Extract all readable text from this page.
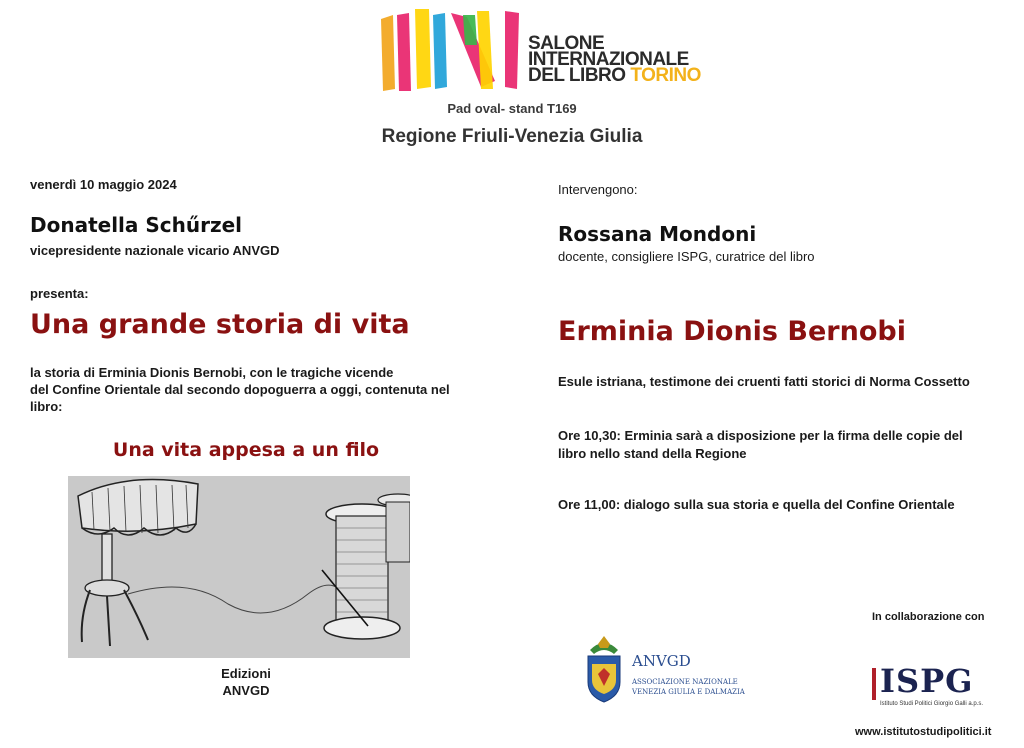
SALONE
INTERNAZIONALE
DEL LIBRO TORINO
Pad oval- stand T169
Regione Friuli-Venezia Giulia
venerdì 10 maggio 2024
Donatella Schűrzel
vicepresidente nazionale vicario ANVGD
presenta:
Una grande storia di vita
la storia di Erminia Dionis Bernobi, con le tragiche vicende
del Confine Orientale dal secondo dopoguerra a oggi, contenuta nel
libro:
Una vita appesa a un filo
Edizioni
ANVGD
Intervengono:
Rossana Mondoni
docente, consigliere ISPG, curatrice del libro
Erminia Dionis Bernobi
Esule istriana, testimone dei cruenti fatti storici di Norma Cossetto
Ore 10,30: Erminia sarà a disposizione per la firma delle copie del
libro nello stand della Regione
Ore 11,00: dialogo sulla sua storia e quella del Confine Orientale
In collaborazione con
ANVGD
ASSOCIAZIONE NAZIONALE
VENEZIA GIULIA E DALMAZIA	ISPG
Istituto Studi Politici Giorgio Galli a.p.s.
www.istitutostudipolitici.it
